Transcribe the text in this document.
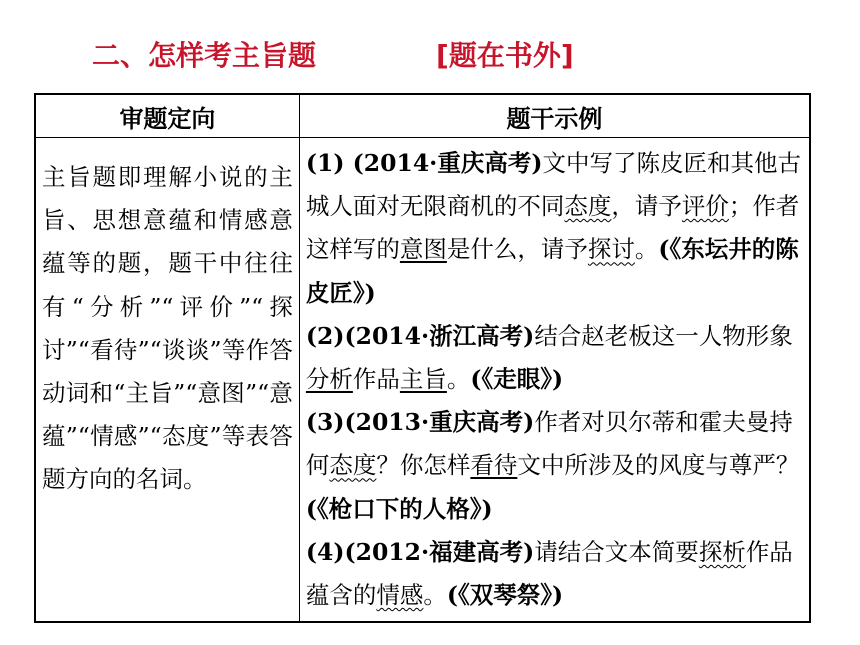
二、怎样考主旨题	[题在书外]
审题定向	题干示例
主旨题即理解小说的主旨、思想意蕴和情感意蕴等的题，题干中往往有“分析”“评价”“探讨”“看待”“谈谈”等作答动词和“主旨”“意图”“意蕴”“情感”“态度”等表答题方向的名词。	(1) (2014·重庆高考)文中写了陈皮匠和其他古城人面对无限商机的不同态度，请予评价；作者这样写的意图是什么，请予探讨。(《东坛井的陈皮匠》)
(2)(2014·浙江高考)结合赵老板这一人物形象分析作品主旨。(《走眼》)
(3)(2013·重庆高考)作者对贝尔蒂和霍夫曼持何态度？你怎样看待文中所涉及的风度与尊严？(《枪口下的人格》)
(4)(2012·福建高考)请结合文本简要探析作品蕴含的情感。(《双琴祭》)
